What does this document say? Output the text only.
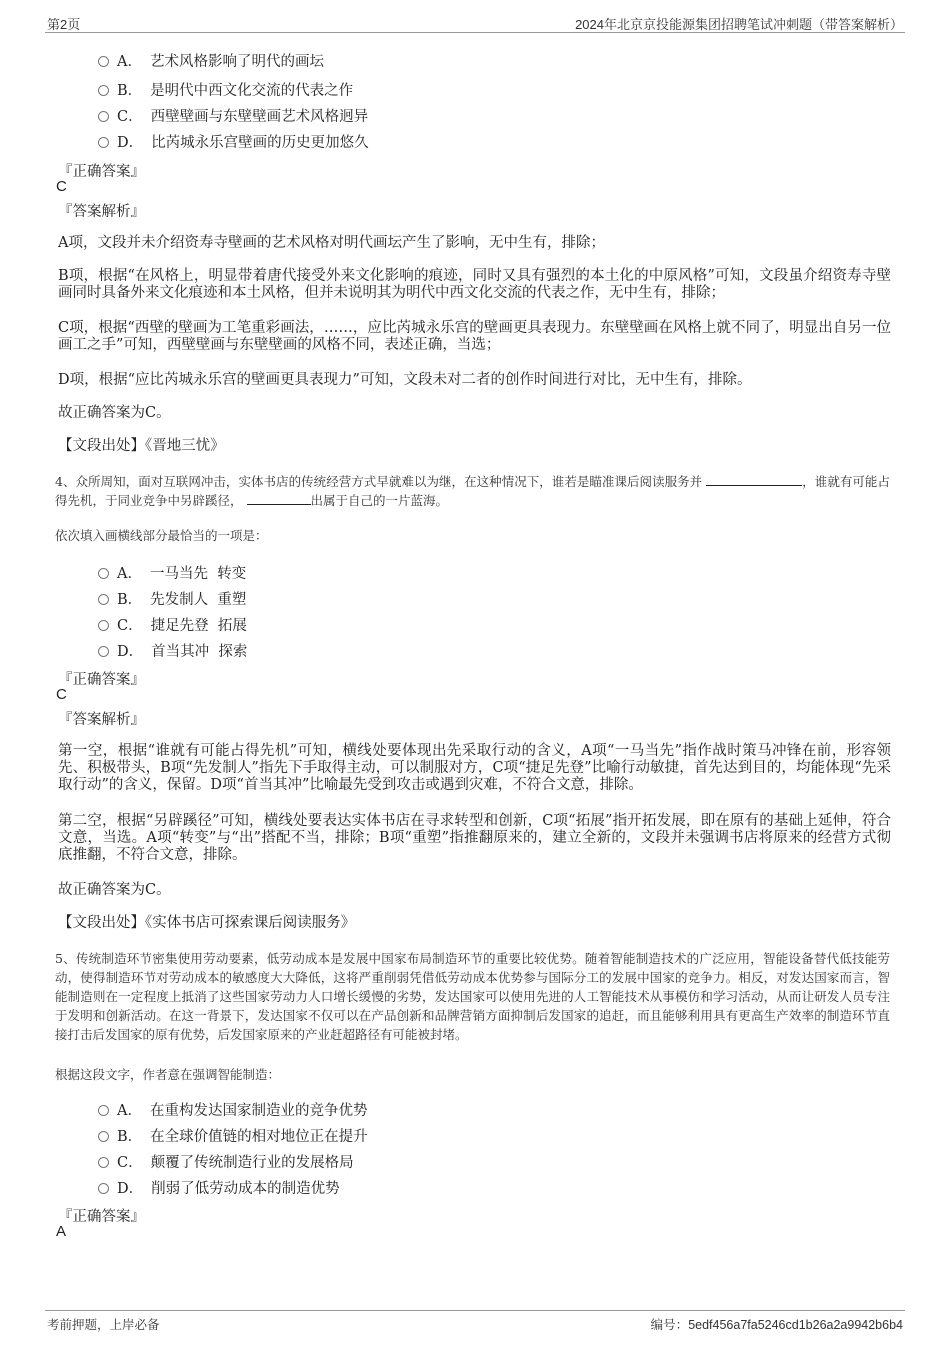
第2页	2024年北京京投能源集团招聘笔试冲刺题（带答案解析）
A． 艺术风格影响了明代的画坛
B． 是明代中西文化交流的代表之作
C． 西壁壁画与东壁壁画艺术风格迥异
D． 比芮城永乐宫壁画的历史更加悠久
『正确答案』
C
『答案解析』
A项，文段并未介绍资寿寺壁画的艺术风格对明代画坛产生了影响，无中生有，排除；
B项，根据“在风格上，明显带着唐代接受外来文化影响的痕迹，同时又具有强烈的本土化的中原风格”可知，文段虽介绍资寿寺壁画同时具备外来文化痕迹和本土风格，但并未说明其为明代中西文化交流的代表之作，无中生有，排除；
C项，根据“西壁的壁画为工笔重彩画法，……，应比芮城永乐宫的壁画更具表现力。东壁壁画在风格上就不同了，明显出自另一位画工之手”可知，西壁壁画与东壁壁画的风格不同，表述正确，当选；
D项，根据“应比芮城永乐宫的壁画更具表现力”可知，文段未对二者的创作时间进行对比，无中生有，排除。
故正确答案为C。
【文段出处】《晋地三忧》
4、众所周知，面对互联网冲击，实体书店的传统经营方式早就难以为继，在这种情况下，谁若是瞄准课后阅读服务并	，谁就有可能占得先机，于同业竞争中另辟蹊径，	出属于自己的一片蓝海。
依次填入画横线部分最恰当的一项是：
A． 一马当先  转变
B． 先发制人  重塑
C． 捷足先登  拓展
D． 首当其冲  探索
『正确答案』
C
『答案解析』
第一空，根据“谁就有可能占得先机”可知，横线处要体现出先采取行动的含义，A项“一马当先”指作战时策马冲锋在前，形容领先、积极带头，B项“先发制人”指先下手取得主动，可以制服对方，C项“捷足先登”比喻行动敏捷，首先达到目的，均能体现“先采取行动”的含义，保留。D项“首当其冲”比喻最先受到攻击或遇到灾难，不符合文意，排除。
第二空，根据“另辟蹊径”可知，横线处要表达实体书店在寻求转型和创新，C项“拓展”指开拓发展，即在原有的基础上延伸，符合文意，当选。A项“转变”与“出”搭配不当，排除；B项“重塑”指推翻原来的，建立全新的，文段并未强调书店将原来的经营方式彻底推翻，不符合文意，排除。
故正确答案为C。
【文段出处】《实体书店可探索课后阅读服务》
5、传统制造环节密集使用劳动要素，低劳动成本是发展中国家布局制造环节的重要比较优势。随着智能制造技术的广泛应用，智能设备替代低技能劳动，使得制造环节对劳动成本的敏感度大大降低，这将严重削弱凭借低劳动成本优势参与国际分工的发展中国家的竞争力。相反，对发达国家而言，智能制造则在一定程度上抵消了这些国家劳动力人口增长缓慢的劣势，发达国家可以使用先进的人工智能技术从事模仿和学习活动，从而让研发人员专注于发明和创新活动。在这一背景下，发达国家不仅可以在产品创新和品牌营销方面抑制后发国家的追赶，而且能够利用具有更高生产效率的制造环节直接打击后发国家的原有优势，后发国家原来的产业赶超路径有可能被封堵。
根据这段文字，作者意在强调智能制造：
A． 在重构发达国家制造业的竞争优势
B． 在全球价值链的相对地位正在提升
C． 颠覆了传统制造行业的发展格局
D． 削弱了低劳动成本的制造优势
『正确答案』
A
考前押题，上岸必备	编号：5edf456a7fa5246cd1b26a2a9942b6b4
